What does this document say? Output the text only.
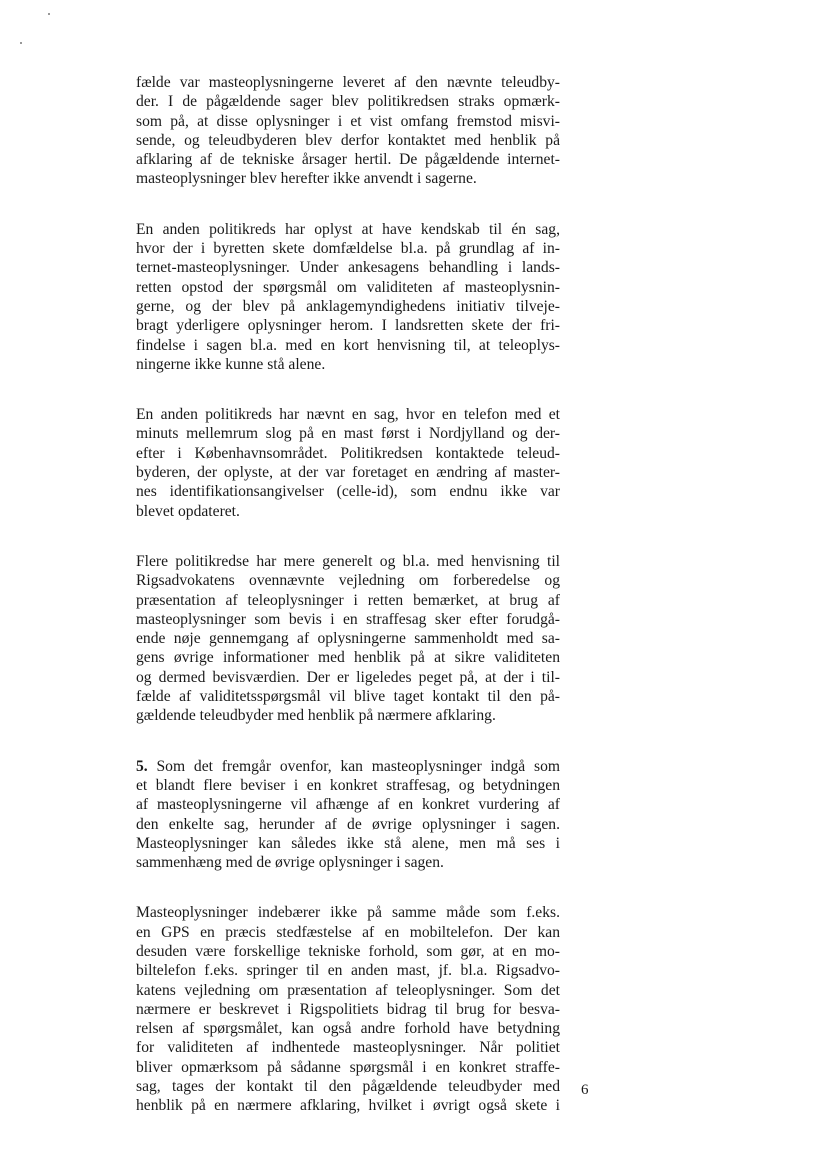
fælde var masteoplysningerne leveret af den nævnte teleudby-
der. I de pågældende sager blev politikredsen straks opmærk-
som på, at disse oplysninger i et vist omfang fremstod misvi-
sende, og teleudbyderen blev derfor kontaktet med henblik på
afklaring af de tekniske årsager hertil. De pågældende internet-
masteoplysninger blev herefter ikke anvendt i sagerne.

En anden politikreds har oplyst at have kendskab til én sag,
hvor der i byretten skete domfældelse bl.a. på grundlag af in-
ternet-masteoplysninger. Under ankesagens behandling i lands-
retten opstod der spørgsmål om validiteten af masteoplysnin-
gerne, og der blev på anklagemyndighedens initiativ tilveje-
bragt yderligere oplysninger herom. I landsretten skete der fri-
findelse i sagen bl.a. med en kort henvisning til, at teleoplys-
ningerne ikke kunne stå alene.

En anden politikreds har nævnt en sag, hvor en telefon med et
minuts mellemrum slog på en mast først i Nordjylland og der-
efter i Københavnsområdet. Politikredsen kontaktede teleud-
byderen, der oplyste, at der var foretaget en ændring af master-
nes identifikationsangivelser (celle-id), som endnu ikke var
blevet opdateret.

Flere politikredse har mere generelt og bl.a. med henvisning til
Rigsadvokatens ovennævnte vejledning om forberedelse og
præsentation af teleoplysninger i retten bemærket, at brug af
masteoplysninger som bevis i en straffesag sker efter forudgå-
ende nøje gennemgang af oplysningerne sammenholdt med sa-
gens øvrige informationer med henblik på at sikre validiteten
og dermed bevisværdien. Der er ligeledes peget på, at der i til-
fælde af validitetsspørgsmål vil blive taget kontakt til den på-
gældende teleudbyder med henblik på nærmere afklaring.

5. Som det fremgår ovenfor, kan masteoplysninger indgå som
et blandt flere beviser i en konkret straffesag, og betydningen
af masteoplysningerne vil afhænge af en konkret vurdering af
den enkelte sag, herunder af de øvrige oplysninger i sagen.
Masteoplysninger kan således ikke stå alene, men må ses i
sammenhæng med de øvrige oplysninger i sagen.

Masteoplysninger indebærer ikke på samme måde som f.eks.
en GPS en præcis stedfæstelse af en mobiltelefon. Der kan
desuden være forskellige tekniske forhold, som gør, at en mo-
biltelefon f.eks. springer til en anden mast, jf. bl.a. Rigsadvo-
katens vejledning om præsentation af teleoplysninger. Som det
nærmere er beskrevet i Rigspolitiets bidrag til brug for besva-
relsen af spørgsmålet, kan også andre forhold have betydning
for validiteten af indhentede masteoplysninger. Når politiet
bliver opmærksom på sådanne spørgsmål i en konkret straffe-
sag, tages der kontakt til den pågældende teleudbyder med
henblik på en nærmere afklaring, hvilket i øvrigt også skete i

6
